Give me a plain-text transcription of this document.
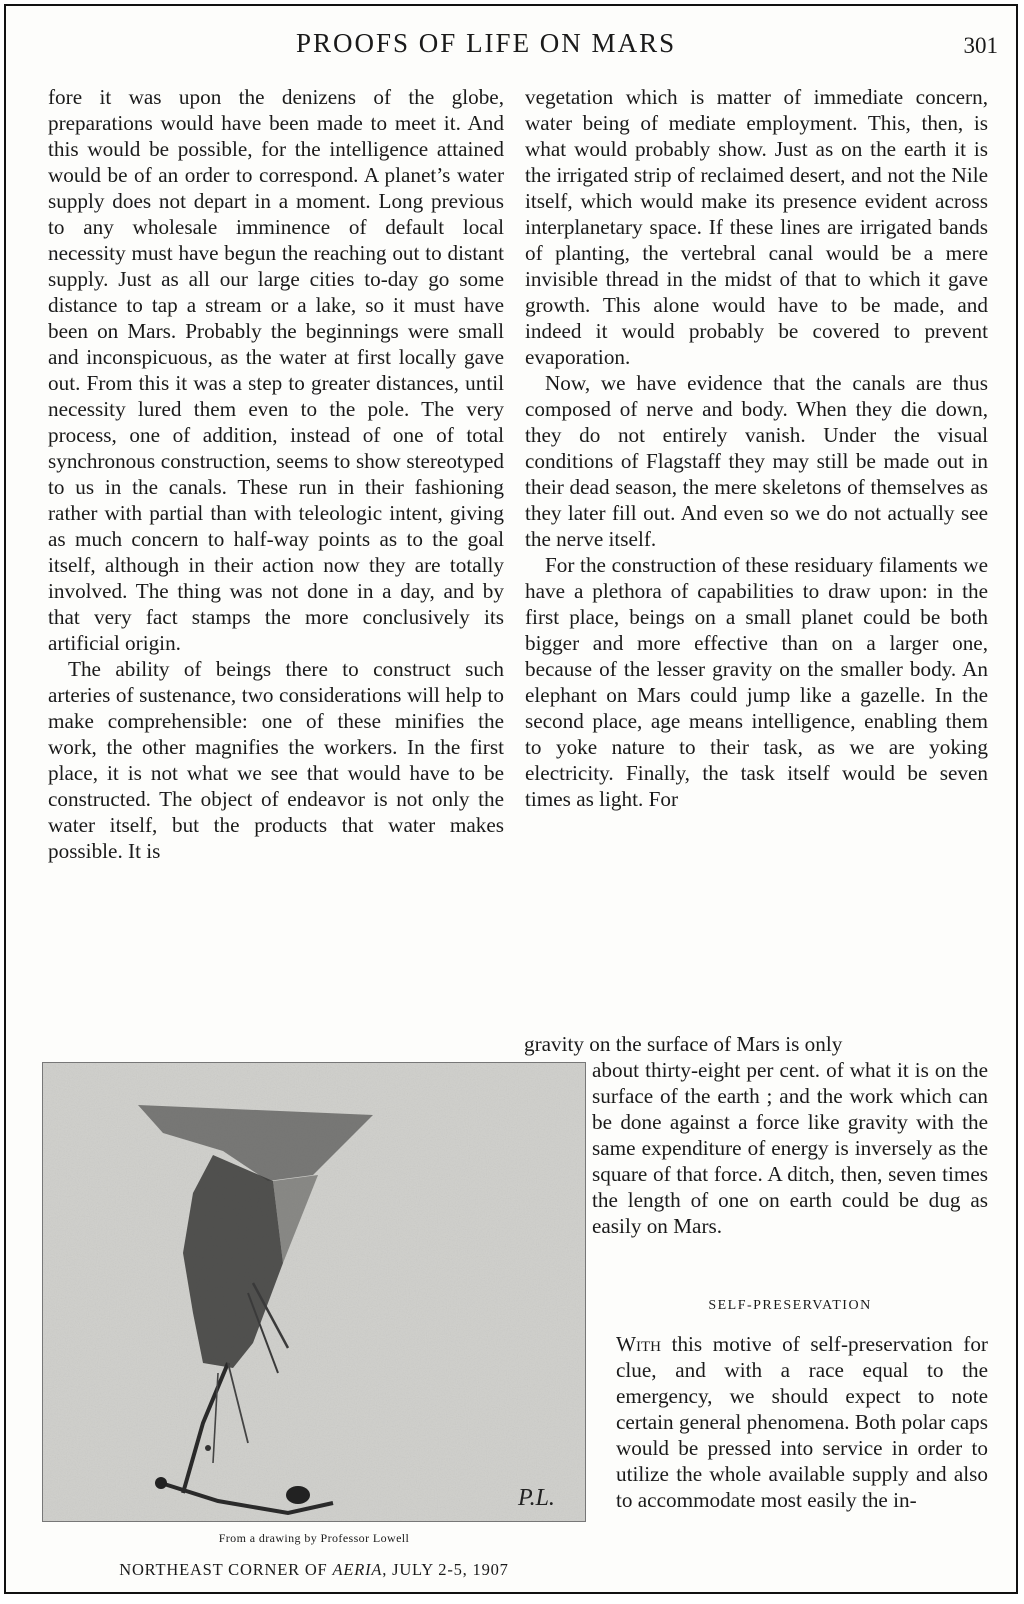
PROOFS OF LIFE ON MARS	301

fore it was upon the denizens of the globe, preparations would have been made to meet it. And this would be possible, for the intelligence attained would be of an order to correspond. A planet’s water supply does not depart in a moment. Long previous to any wholesale imminence of default local necessity must have begun the reaching out to distant supply. Just as all our large cities to-day go some distance to tap a stream or a lake, so it must have been on Mars. Probably the beginnings were small and inconspicuous, as the water at first locally gave out. From this it was a step to greater distances, until necessity lured them even to the pole. The very process, one of addition, instead of one of total synchronous construction, seems to show stereotyped to us in the canals. These run in their fashioning rather with partial than with teleologic intent, giving as much concern to half-way points as to the goal itself, although in their action now they are totally involved. The thing was not done in a day, and by that very fact stamps the more conclusively its artificial origin.

The ability of beings there to construct such arteries of sustenance, two considerations will help to make comprehensible: one of these minifies the work, the other magnifies the workers. In the first place, it is not what we see that would have to be constructed. The object of endeavor is not only the water itself, but the products that water makes possible. It is

vegetation which is matter of immediate concern, water being of mediate employment. This, then, is what would probably show. Just as on the earth it is the irrigated strip of reclaimed desert, and not the Nile itself, which would make its presence evident across interplanetary space. If these lines are irrigated bands of planting, the vertebral canal would be a mere invisible thread in the midst of that to which it gave growth. This alone would have to be made, and indeed it would probably be covered to prevent evaporation.

Now, we have evidence that the canals are thus composed of nerve and body. When they die down, they do not entirely vanish. Under the visual conditions of Flagstaff they may still be made out in their dead season, the mere skeletons of themselves as they later fill out. And even so we do not actually see the nerve itself.

For the construction of these residuary filaments we have a plethora of capabilities to draw upon: in the first place, beings on a small planet could be both bigger and more effective than on a larger one, because of the lesser gravity on the smaller body. An elephant on Mars could jump like a gazelle. In the second place, age means intelligence, enabling them to yoke nature to their task, as we are yoking electricity. Finally, the task itself would be seven times as light. For

gravity on the surface of Mars is only

about thirty-eight per cent. of what it is on the surface of the earth ; and the work which can be done against a force like gravity with the same expenditure of energy is inversely as the square of that force. A ditch, then, seven times the length of one on earth could be dug as easily on Mars.

SELF-PRESERVATION

With this motive of self-preservation for clue, and with a race equal to the emergency, we should expect to note certain general phenomena. Both polar caps would be pressed into service in order to utilize the whole available supply and also to accommodate most easily the in-

P.L.
From a drawing by Professor Lowell
NORTHEAST CORNER OF AERIA, JULY 2-5, 1907
